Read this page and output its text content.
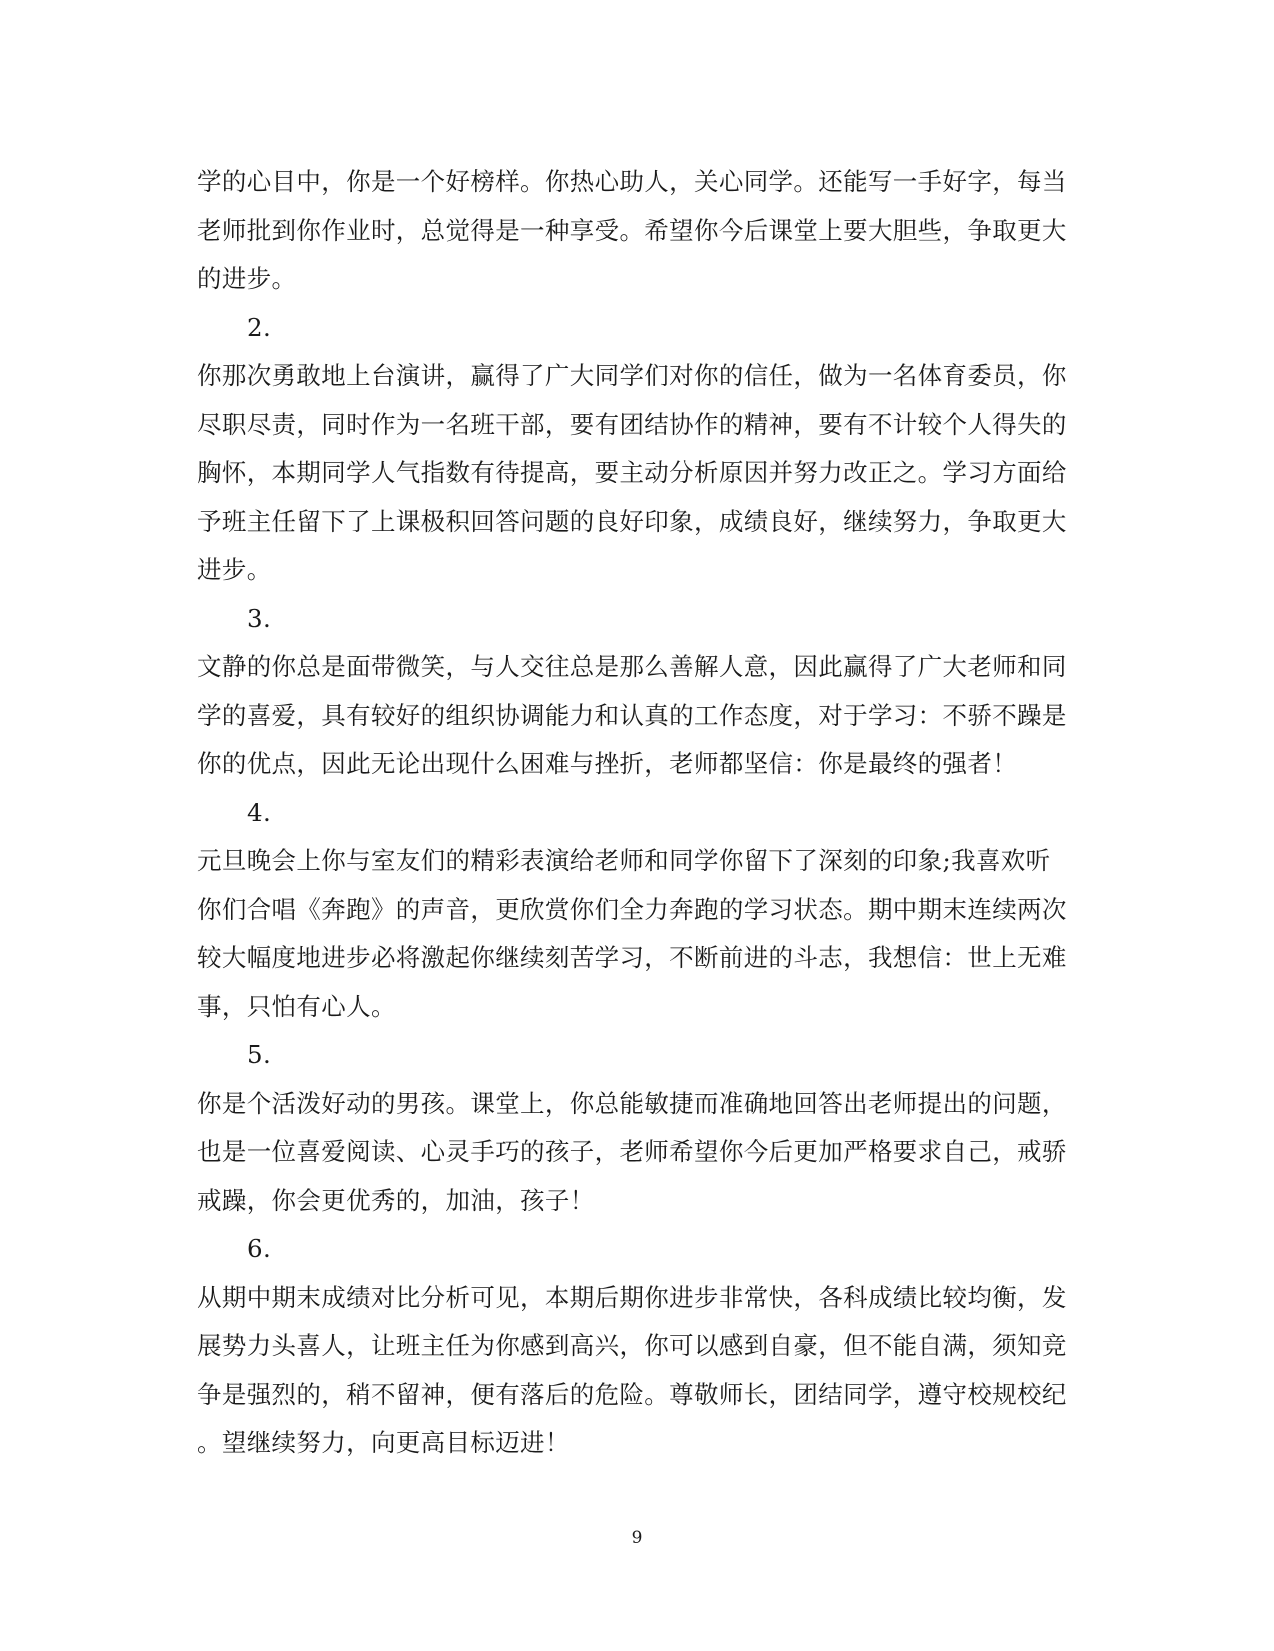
学的心目中，你是一个好榜样。你热心助人，关心同学。还能写一手好字，每当
老师批到你作业时，总觉得是一种享受。希望你今后课堂上要大胆些，争取更大
的进步。
2.
你那次勇敢地上台演讲，赢得了广大同学们对你的信任，做为一名体育委员，你
尽职尽责，同时作为一名班干部，要有团结协作的精神，要有不计较个人得失的
胸怀，本期同学人气指数有待提高，要主动分析原因并努力改正之。学习方面给
予班主任留下了上课极积回答问题的良好印象，成绩良好，继续努力，争取更大
进步。
3.
文静的你总是面带微笑，与人交往总是那么善解人意，因此赢得了广大老师和同
学的喜爱，具有较好的组织协调能力和认真的工作态度，对于学习：不骄不躁是
你的优点，因此无论出现什么困难与挫折，老师都坚信：你是最终的强者！
4.
元旦晚会上你与室友们的精彩表演给老师和同学你留下了深刻的印象;我喜欢听
你们合唱《奔跑》的声音，更欣赏你们全力奔跑的学习状态。期中期末连续两次
较大幅度地进步必将激起你继续刻苦学习，不断前进的斗志，我想信：世上无难
事，只怕有心人。
5.
你是个活泼好动的男孩。课堂上，你总能敏捷而准确地回答出老师提出的问题，
也是一位喜爱阅读、心灵手巧的孩子，老师希望你今后更加严格要求自己，戒骄
戒躁，你会更优秀的，加油，孩子！
6.
从期中期末成绩对比分析可见，本期后期你进步非常快，各科成绩比较均衡，发
展势力头喜人，让班主任为你感到高兴，你可以感到自豪，但不能自满，须知竞
争是强烈的，稍不留神，便有落后的危险。尊敬师长，团结同学，遵守校规校纪
。望继续努力，向更高目标迈进！
9
